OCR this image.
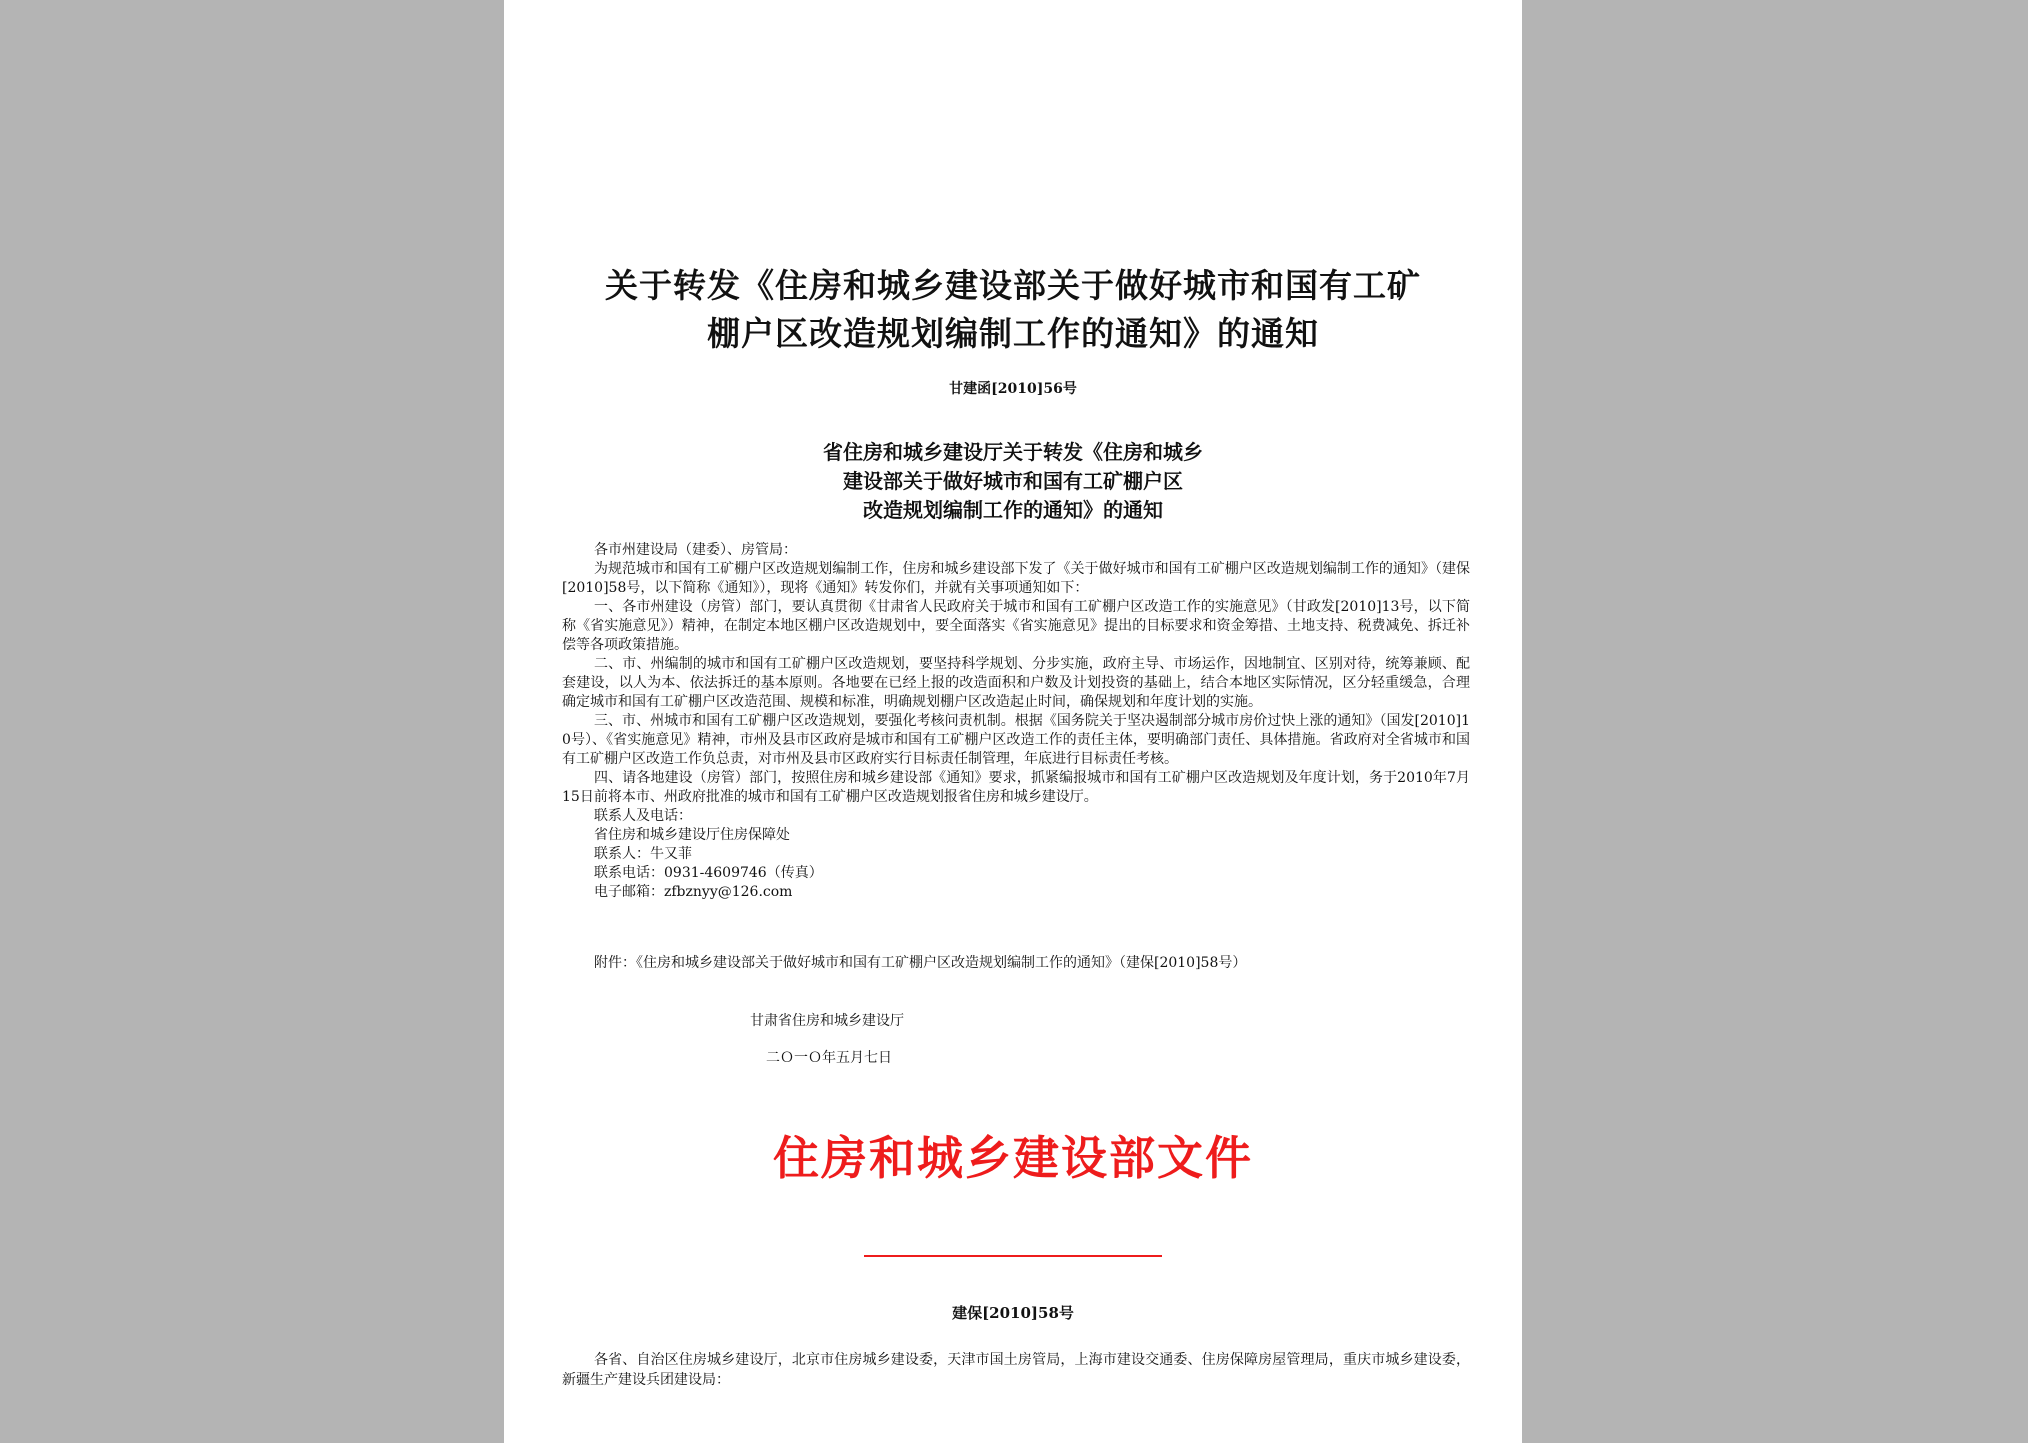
关于转发《住房和城乡建设部关于做好城市和国有工矿
棚户区改造规划编制工作的通知》的通知
甘建函[2010]56号
省住房和城乡建设厅关于转发《住房和城乡
建设部关于做好城市和国有工矿棚户区
改造规划编制工作的通知》的通知

各市州建设局（建委）、房管局：

为规范城市和国有工矿棚户区改造规划编制工作，住房和城乡建设部下发了《关于做好城市和国有工矿棚户区改造规划编制工作的通知》（建保[2010]58号，以下简称《通知》），现将《通知》转发你们，并就有关事项通知如下：

一、各市州建设（房管）部门，要认真贯彻《甘肃省人民政府关于城市和国有工矿棚户区改造工作的实施意见》（甘政发[2010]13号，以下简称《省实施意见》）精神，在制定本地区棚户区改造规划中，要全面落实《省实施意见》提出的目标要求和资金筹措、土地支持、税费减免、拆迁补偿等各项政策措施。

二、市、州编制的城市和国有工矿棚户区改造规划，要坚持科学规划、分步实施，政府主导、市场运作，因地制宜、区别对待，统筹兼顾、配套建设，以人为本、依法拆迁的基本原则。各地要在已经上报的改造面积和户数及计划投资的基础上，结合本地区实际情况，区分轻重缓急，合理确定城市和国有工矿棚户区改造范围、规模和标准，明确规划棚户区改造起止时间，确保规划和年度计划的实施。

三、市、州城市和国有工矿棚户区改造规划，要强化考核问责机制。根据《国务院关于坚决遏制部分城市房价过快上涨的通知》（国发[2010]10号）、《省实施意见》精神，市州及县市区政府是城市和国有工矿棚户区改造工作的责任主体，要明确部门责任、具体措施。省政府对全省城市和国有工矿棚户区改造工作负总责，对市州及县市区政府实行目标责任制管理，年底进行目标责任考核。

四、请各地建设（房管）部门，按照住房和城乡建设部《通知》要求，抓紧编报城市和国有工矿棚户区改造规划及年度计划，务于2010年7月15日前将本市、州政府批准的城市和国有工矿棚户区改造规划报省住房和城乡建设厅。

联系人及电话：
省住房和城乡建设厅住房保障处
联系人：牛又菲
联系电话：0931-4609746（传真）
电子邮箱：zfbznyy@126.com
附件：《住房和城乡建设部关于做好城市和国有工矿棚户区改造规划编制工作的通知》（建保[2010]58号）
甘肃省住房和城乡建设厅
二Ｏ一Ｏ年五月七日
住房和城乡建设部文件
建保[2010]58号

各省、自治区住房城乡建设厅，北京市住房城乡建设委，天津市国土房管局，上海市建设交通委、住房保障房屋管理局，重庆市城乡建设委，新疆生产建设兵团建设局：
